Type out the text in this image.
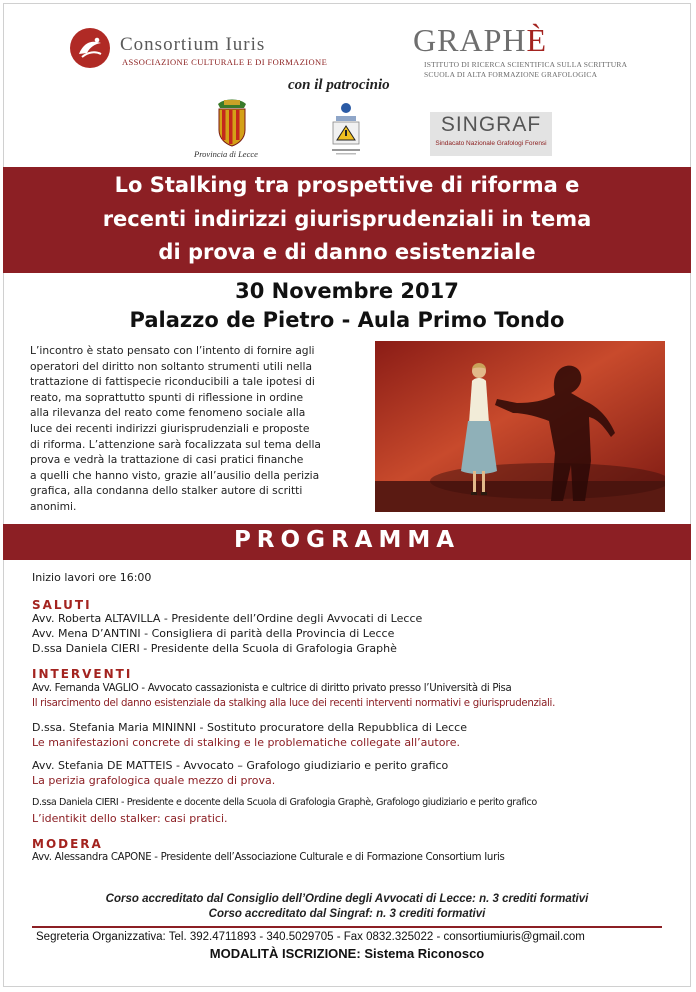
Consortium Iuris
ASSOCIAZIONE CULTURALE E DI FORMAZIONE
GRAPHÈ
ISTITUTO DI RICERCA SCIENTIFICA SULLA SCRITTURA
SCUOLA DI ALTA FORMAZIONE GRAFOLOGICA
con il patrocinio
Provincia di Lecce
SINGRAF
Sindacato Nazionale Grafologi Forensi
Lo Stalking tra prospettive di riforma e
recenti indirizzi giurisprudenziali in tema
di prova e di danno esistenziale
30 Novembre 2017
Palazzo de Pietro - Aula Primo Tondo
L’incontro è stato pensato con l’intento di fornire agli
operatori del diritto non soltanto strumenti utili nella
trattazione di fattispecie riconducibili a tale ipotesi di
reato, ma soprattutto spunti di riflessione in ordine
alla rilevanza del reato come fenomeno sociale alla
luce dei recenti indirizzi giurisprudenziali e proposte
di riforma. L’attenzione sarà focalizzata sul tema della
prova e vedrà la trattazione di casi pratici finanche
a quelli che hanno visto, grazie all’ausilio della perizia
grafica, alla condanna dello stalker autore di scritti
anonimi.
PROGRAMMA
Inizio lavori ore 16:00
SALUTI
Avv. Roberta ALTAVILLA - Presidente dell’Ordine degli Avvocati di Lecce
Avv. Mena D’ANTINI - Consigliera di parità della Provincia di Lecce
D.ssa Daniela CIERI - Presidente della Scuola di Grafologia Graphè
INTERVENTI
Avv. Fernanda VAGLIO - Avvocato cassazionista e cultrice di diritto privato presso l’Università di Pisa
Il risarcimento del danno esistenziale da stalking alla luce dei recenti interventi normativi e giurisprudenziali.
D.ssa. Stefania Maria MININNI - Sostituto procuratore della Repubblica di Lecce
Le manifestazioni concrete di stalking e le problematiche collegate all’autore.
Avv. Stefania DE MATTEIS - Avvocato – Grafologo giudiziario e perito grafico
La perizia grafologica quale mezzo di prova.
D.ssa Daniela CIERI - Presidente e docente della Scuola di Grafologia Graphè, Grafologo giudiziario e perito grafico
L’identikit dello stalker: casi pratici.
MODERA
Avv. Alessandra CAPONE - Presidente dell’Associazione Culturale e di Formazione Consortium Iuris
Corso accreditato dal Consiglio dell’Ordine degli Avvocati di Lecce: n. 3 crediti formativi
Corso accreditato dal Singraf: n. 3 crediti formativi
Segreteria Organizzativa: Tel. 392.4711893 - 340.5029705 - Fax 0832.325022 - consortiumiuris@gmail.com
MODALITÀ ISCRIZIONE: Sistema Riconosco
